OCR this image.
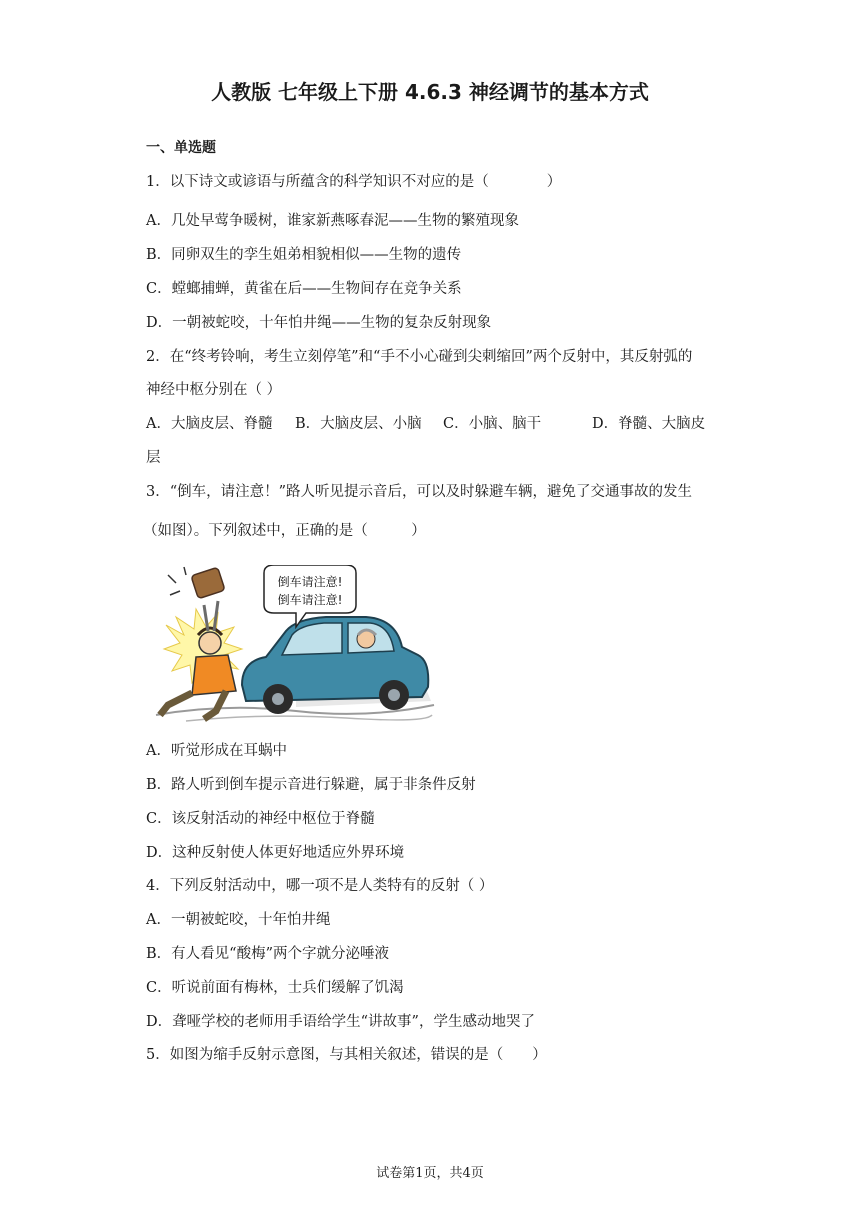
人教版 七年级上下册 4.6.3 神经调节的基本方式
一、单选题
1．以下诗文或谚语与所蕴含的科学知识不对应的是（　　　　）
A．几处早莺争暖树，谁家新燕啄春泥——生物的繁殖现象
B．同卵双生的孪生姐弟相貌相似——生物的遗传
C．螳螂捕蝉，黄雀在后——生物间存在竞争关系
D．一朝被蛇咬，十年怕井绳——生物的复杂反射现象
2．在“终考铃响，考生立刻停笔”和“手不小心碰到尖刺缩回”两个反射中，其反射弧的
神经中枢分别在（ ）
A．大脑皮层、脊髓 B．大脑皮层、小脑 C．小脑、脑干	D．脊髓、大脑皮
层
3．“倒车，请注意！”路人听见提示音后，可以及时躲避车辆，避免了交通事故的发生
（如图）。下列叙述中，正确的是（　　　）
倒车请注意!
倒车请注意!
A．听觉形成在耳蜗中
B．路人听到倒车提示音进行躲避，属于非条件反射
C．该反射活动的神经中枢位于脊髓
D．这种反射使人体更好地适应外界环境
4．下列反射活动中，哪一项不是人类特有的反射（ ）
A．一朝被蛇咬，十年怕井绳
B．有人看见“酸梅”两个字就分泌唾液
C．听说前面有梅林，士兵们缓解了饥渴
D．聋哑学校的老师用手语给学生“讲故事”，学生感动地哭了
5．如图为缩手反射示意图，与其相关叙述，错误的是（　　）
试卷第1页，共4页
